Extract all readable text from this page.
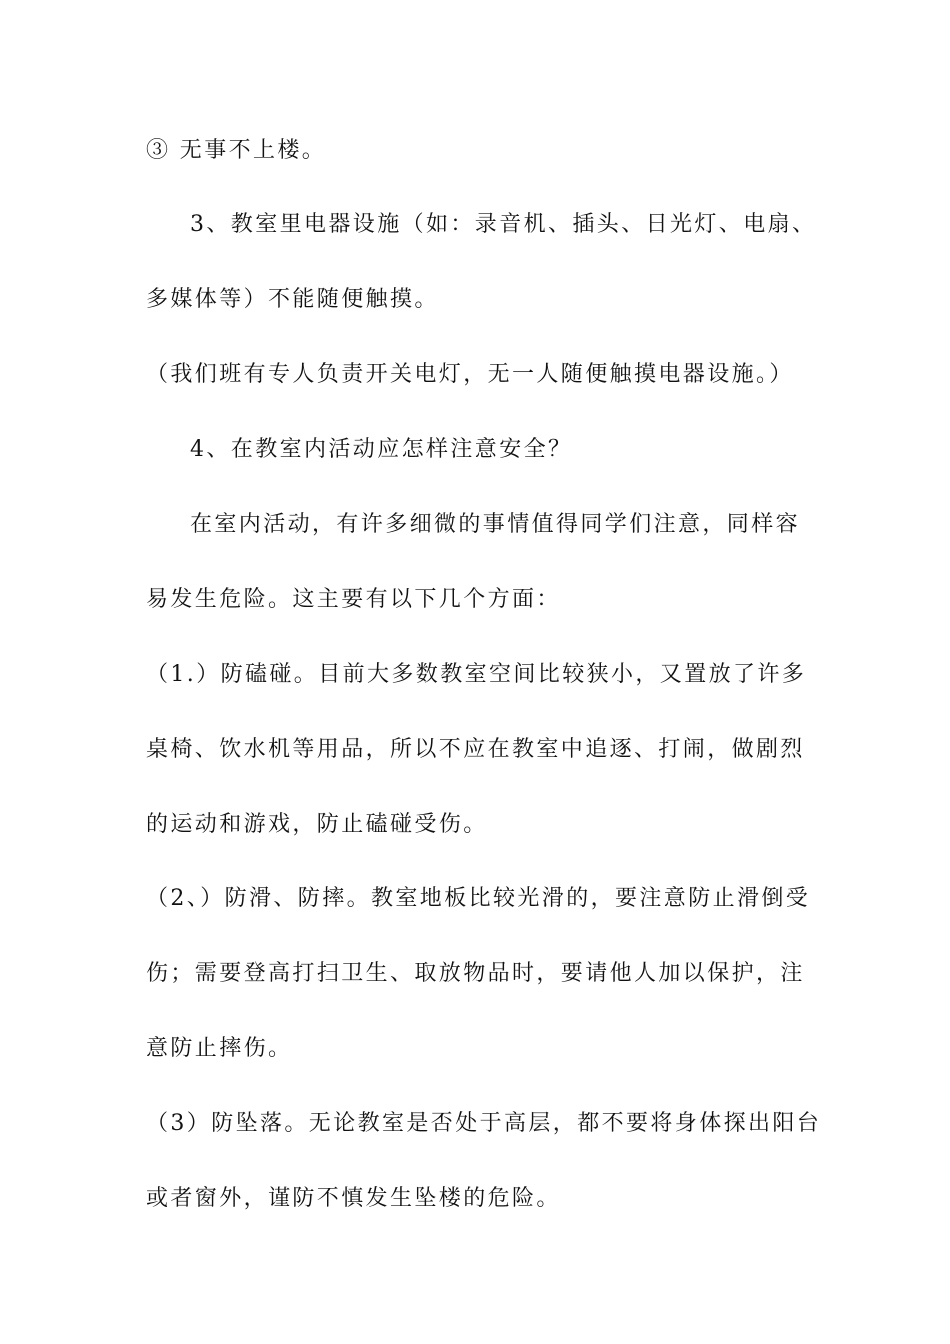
③ 无事不上楼。
3、教室里电器设施（如：录音机、插头、日光灯、电扇、
多媒体等）不能随便触摸。
（我们班有专人负责开关电灯，无一人随便触摸电器设施。）
4、在教室内活动应怎样注意安全？
在室内活动，有许多细微的事情值得同学们注意，同样容
易发生危险。这主要有以下几个方面：
（1.）防磕碰。目前大多数教室空间比较狭小，又置放了许多
桌椅、饮水机等用品，所以不应在教室中追逐、打闹，做剧烈
的运动和游戏，防止磕碰受伤。
（2、）防滑、防摔。教室地板比较光滑的，要注意防止滑倒受
伤；需要登高打扫卫生、取放物品时，要请他人加以保护，注
意防止摔伤。
（3）防坠落。无论教室是否处于高层，都不要将身体探出阳台
或者窗外，谨防不慎发生坠楼的危险。
